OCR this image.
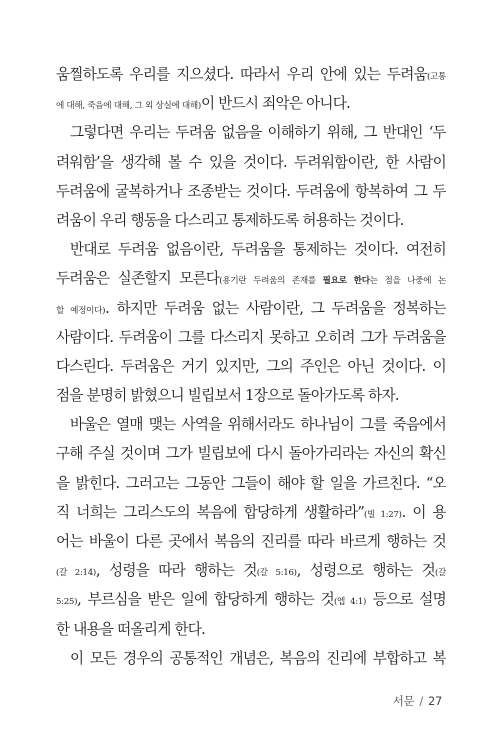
움찔하도록 우리를 지으셨다. 따라서 우리 안에 있는 두려움(고통
에 대해, 죽음에 대해, 그 외 상실에 대해)이 반드시 죄악은 아니다.
그렇다면 우리는 두려움 없음을 이해하기 위해, 그 반대인 ‘두
려워함’을 생각해 볼 수 있을 것이다. 두려워함이란, 한 사람이
두려움에 굴복하거나 조종받는 것이다. 두려움에 항복하여 그 두
려움이 우리 행동을 다스리고 통제하도록 허용하는 것이다.
반대로 두려움 없음이란, 두려움을 통제하는 것이다. 여전히
두려움은 실존할지 모른다(용기란 두려움의 존재를 필요로 한다는 점을 나중에 논
할 예정이다). 하지만 두려움 없는 사람이란, 그 두려움을 정복하는
사람이다. 두려움이 그를 다스리지 못하고 오히려 그가 두려움을
다스린다. 두려움은 거기 있지만, 그의 주인은 아닌 것이다. 이
점을 분명히 밝혔으니 빌립보서 1장으로 돌아가도록 하자.
바울은 열매 맺는 사역을 위해서라도 하나님이 그를 죽음에서
구해 주실 것이며 그가 빌립보에 다시 돌아가리라는 자신의 확신
을 밝힌다. 그러고는 그동안 그들이 해야 할 일을 가르친다. “오
직 너희는 그리스도의 복음에 합당하게 생활하라”(빌 1:27). 이 용
어는 바울이 다른 곳에서 복음의 진리를 따라 바르게 행하는 것
(갈 2:14), 성령을 따라 행하는 것(갈 5:16), 성령으로 행하는 것(갈
5:25), 부르심을 받은 일에 합당하게 행하는 것(엡 4:1) 등으로 설명
한 내용을 떠올리게 한다.
이 모든 경우의 공통적인 개념은, 복음의 진리에 부합하고 복
서문 / 27
